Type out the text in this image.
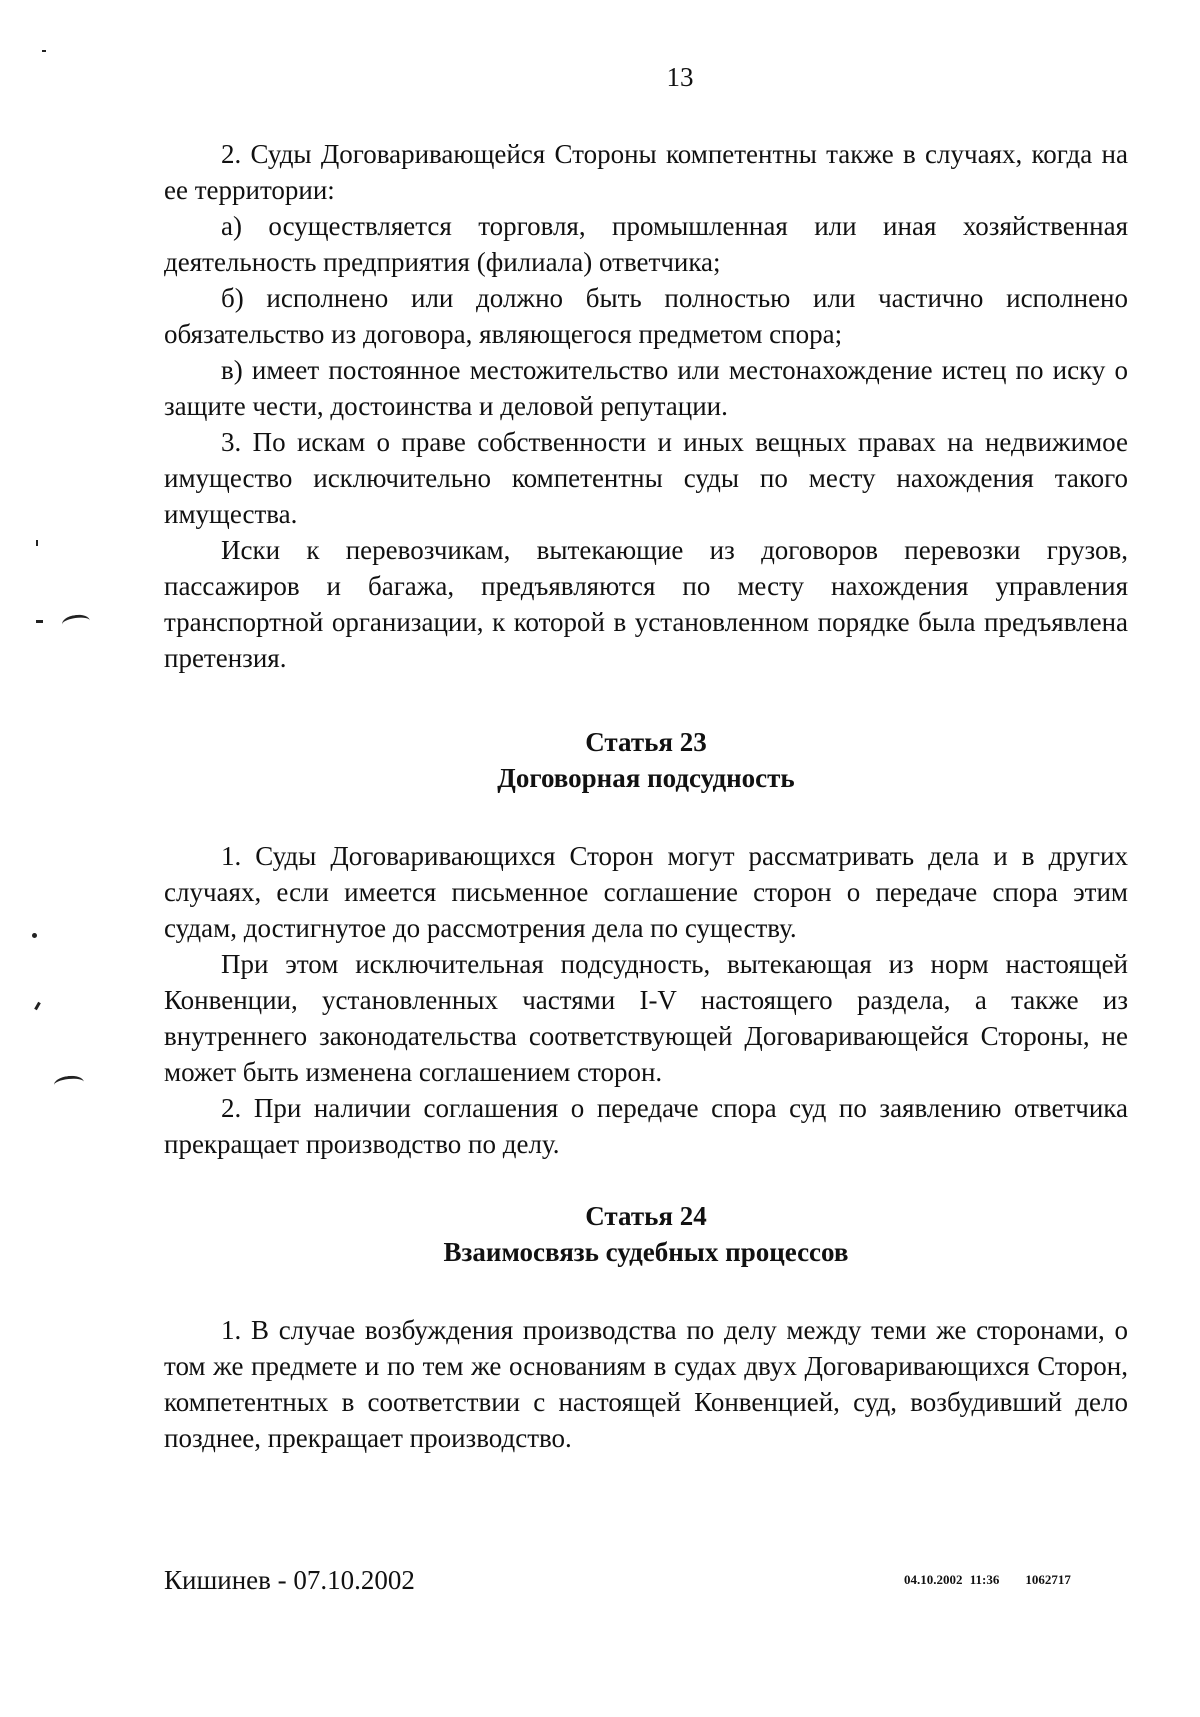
13

2. Суды Договаривающейся Стороны компетентны также в случаях, когда на ее территории:

а) осуществляется торговля, промышленная или иная хозяйственная деятельность предприятия (филиала) ответчика;

б) исполнено или должно быть полностью или частично исполнено обязательство из договора, являющегося предметом спора;

в) имеет постоянное местожительство или местонахождение истец по иску о защите чести, достоинства и деловой репутации.

3. По искам о праве собственности и иных вещных правах на недвижимое имущество исключительно компетентны суды по месту нахождения такого имущества.

Иски к перевозчикам, вытекающие из договоров перевозки грузов, пассажиров и багажа, предъявляются по месту нахождения управления транспортной организации, к которой в установленном порядке была предъявлена претензия.

Статья 23

Договорная подсудность

1. Суды Договаривающихся Сторон могут рассматривать дела и в других случаях, если имеется письменное соглашение сторон о передаче спора этим судам, достигнутое до рассмотрения дела по существу.

При этом исключительная подсудность, вытекающая из норм настоящей Конвенции, установленных частями I-V настоящего раздела, а также из внутреннего законодательства соответствующей Договаривающейся Стороны, не может быть изменена соглашением сторон.

2. При наличии соглашения о передаче спора суд по заявлению ответчика прекращает производство по делу.

Статья 24

Взаимосвязь судебных процессов

1. В случае возбуждения производства по делу между теми же сторонами, о том же предмете и по тем же основаниям в судах двух Договаривающихся Сторон, компетентных в соответствии с настоящей Конвенцией, суд, возбудивший дело позднее, прекращает производство.

Кишинев - 07.10.2002	04.10.2002 11:36 1062717
